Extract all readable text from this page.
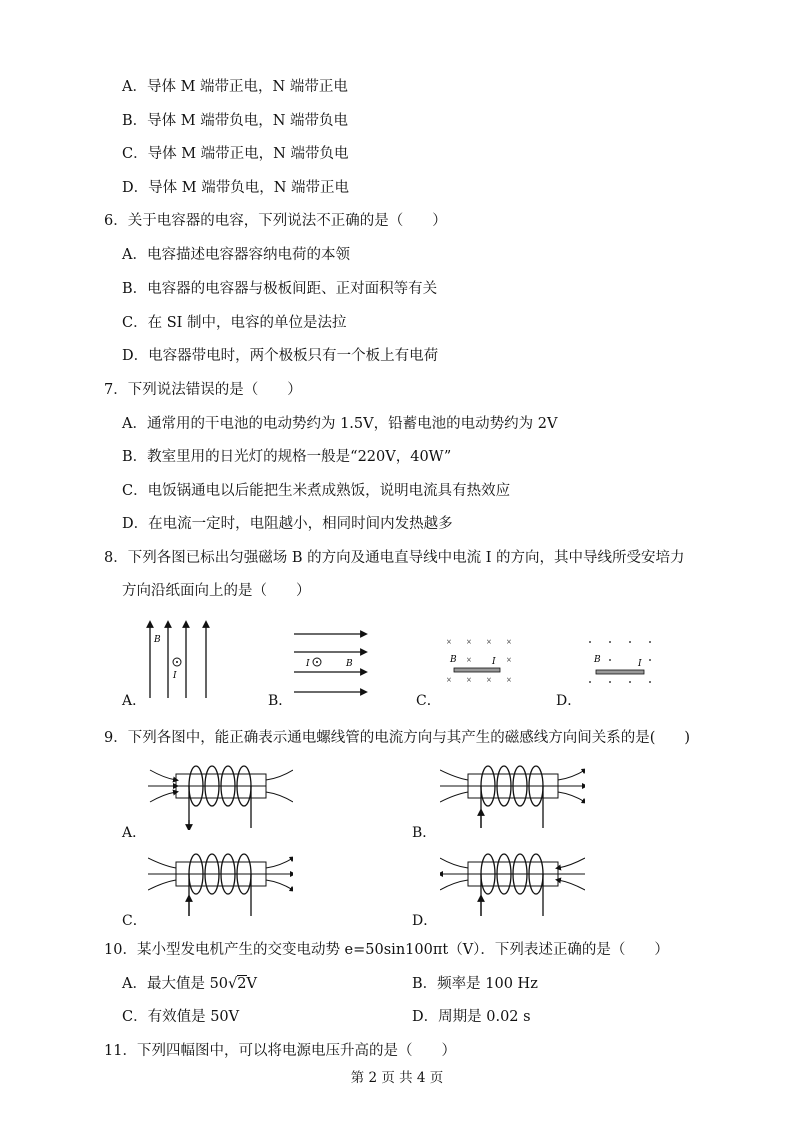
A．导体 M 端带正电，N 端带正电
B．导体 M 端带负电，N 端带负电
C．导体 M 端带正电，N 端带负电
D．导体 M 端带负电，N 端带正电
6．关于电容器的电容，下列说法不正确的是（　　）
A．电容描述电容器容纳电荷的本领
B．电容器的电容器与极板间距、正对面积等有关
C．在 SI 制中，电容的单位是法拉
D．电容器带电时，两个极板只有一个板上有电荷
7．下列说法错误的是（　　）
A．通常用的干电池的电动势约为 1.5V，铅蓄电池的电动势约为 2V
B．教室里用的日光灯的规格一般是“220V，40W”
C．电饭锅通电以后能把生米煮成熟饭，说明电流具有热效应
D．在电流一定时，电阻越小，相同时间内发热越多
8．下列各图已标出匀强磁场 B 的方向及通电直导线中电流 I 的方向，其中导线所受安培力
方向沿纸面向上的是（　　）
B
I
A．
I	B
B．
× × × ×
×	×
× × × ×
B	I
C．
B	I
D．
9．下列各图中，能正确表示通电螺线管的电流方向与其产生的磁感线方向间关系的是(　　)
A．	B．
C．	D．
10．某小型发电机产生的交变电动势 e=50sin100πt（V）．下列表述正确的是（　　）
A．最大值是 50√2V	B．频率是 100 Hz
C．有效值是 50V	D．周期是 0.02 s
11．下列四幅图中，可以将电源电压升高的是（　　）
第 2 页 共 4 页
